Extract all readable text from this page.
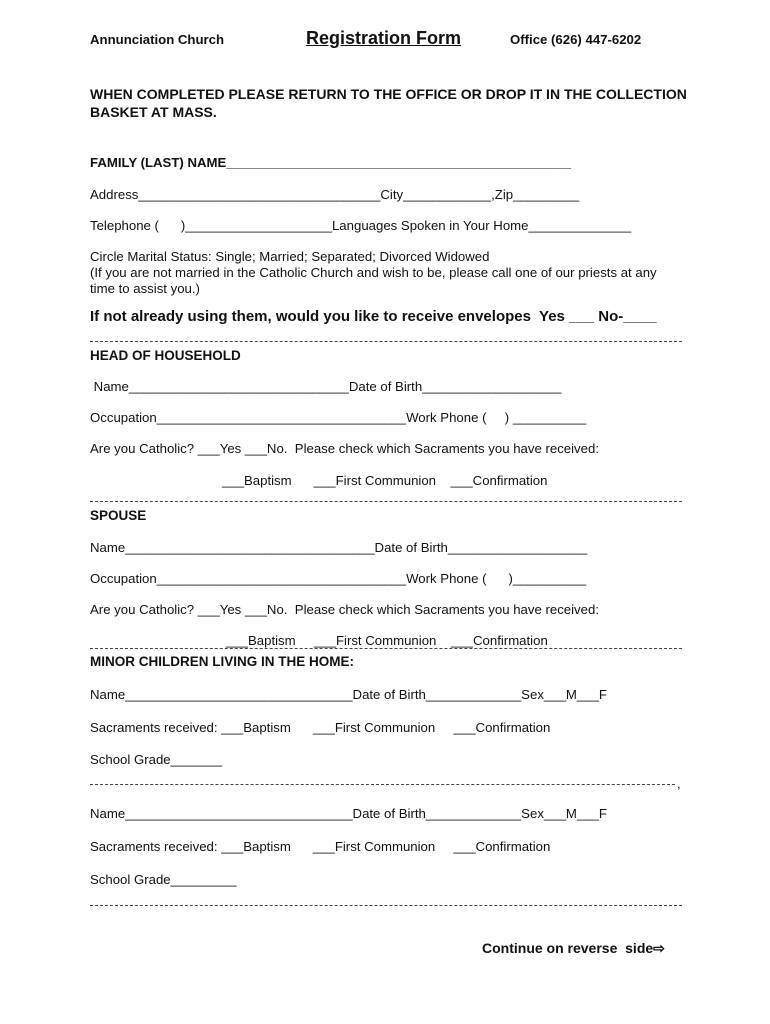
Annunciation Church	Registration Form	Office (626) 447-6202
WHEN COMPLETED PLEASE RETURN TO THE OFFICE OR DROP IT IN THE COLLECTION BASKET AT MASS.
FAMILY (LAST) NAME_______________________________________________
Address_________________________________City____________,Zip_________
Telephone (      )____________________Languages Spoken in Your Home______________
Circle Marital Status: Single; Married; Separated; Divorced Widowed
(If you are not married in the Catholic Church and wish to be, please call one of our priests at any time to assist you.)
If not already using them, would you like to receive envelopes  Yes ___ No-____
HEAD OF HOUSEHOLD
Name______________________________Date of Birth___________________
Occupation__________________________________Work Phone (     ) __________
Are you Catholic? ___Yes ___No.  Please check which Sacraments you have received:
___Baptism      ___First Communion    ___Confirmation
SPOUSE
Name__________________________________Date of Birth___________________
Occupation__________________________________Work Phone (      )__________
Are you Catholic? ___Yes ___No.  Please check which Sacraments you have received:
___Baptism     ___First Communion    ___Confirmation
MINOR CHILDREN LIVING IN THE HOME:
Name_______________________________Date of Birth_____________Sex___M___F
Sacraments received: ___Baptism      ___First Communion     ___Confirmation
School Grade_______
,
Name_______________________________Date of Birth_____________Sex___M___F
Sacraments received: ___Baptism      ___First Communion     ___Confirmation
School Grade_________
Continue on reverse  side⇨
